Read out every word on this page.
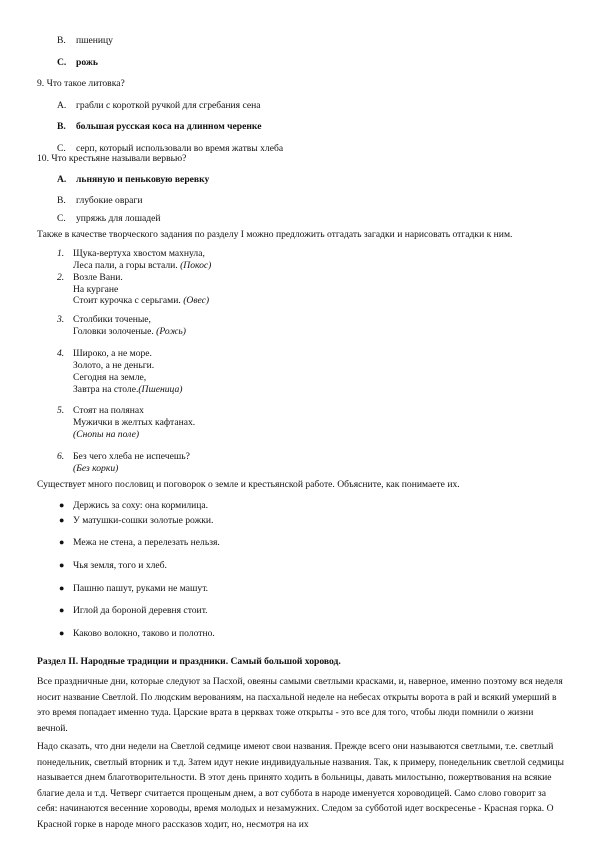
B. пшеницу
C. рожь
9. Что такое литовка?
A. грабли с короткой ручкой для сгребания сена
B. большая русская коса на длинном черенке
C. серп, который использовали во время жатвы хлеба
10. Что крестьяне называли вервью?
A. льняную и пеньковую веревку
B. глубокие овраги
C. упряжь для лошадей
Также в качестве творческого задания по разделу I можно предложить отгадать загадки и нарисовать отгадки к ним.
1. Щука-вертуха хвостом махнула,
Леса пали, а горы встали. (Покос)
2. Возле Вани.
На кургане
Стоит курочка с серьгами. (Овес)
3. Столбики точеные,
Головки золоченые. (Рожь)
4. Широко, а не море.
Золото, а не деньги.
Сегодня на земле,
Завтра на столе.(Пшеница)
5. Стоят на полянах
Мужички в желтых кафтанах.
(Снопы на поле)
6. Без чего хлеба не испечешь?
(Без корки)
Существует много пословиц и поговорок о земле и крестьянской работе. Объясните, как понимаете их.
● Держись за соху: она кормилица.
● У матушки-сошки золотые рожки.
● Межа не стена, а перелезать нельзя.
● Чья земля, того и хлеб.
● Пашню пашут, руками не машут.
● Иглой да бороной деревня стоит.
● Каково волокно, таково и полотно.
Раздел II. Народные традиции и праздники. Самый большой хоровод.
Все праздничные дни, которые следуют за Пасхой, овеяны самыми светлыми красками, и, наверное, именно поэтому вся неделя носит название Светлой. По людским верованиям, на пасхальной неделе на небесах открыты ворота в рай и всякий умерший в это время попадает именно туда. Царские врата в церквах тоже открыты - это все для того, чтобы люди помнили о жизни вечной.
Надо сказать, что дни недели на Светлой седмице имеют свои названия. Прежде всего они называются светлыми, т.е. светлый понедельник, светлый вторник и т.д. Затем идут некие индивидуальные названия. Так, к примеру, понедельник светлой седмицы называется днем благотворительности. В этот день принято ходить в больницы, давать милостыню, пожертвования на всякие благие дела и т.д. Четверг считается прощеным днем, а вот суббота в народе именуется хороводицей. Само слово говорит за себя: начинаются весенние хороводы, время молодых и незамужних. Следом за субботой идет воскресенье - Красная горка. О Красной горке в народе много рассказов ходит, но, несмотря на их
